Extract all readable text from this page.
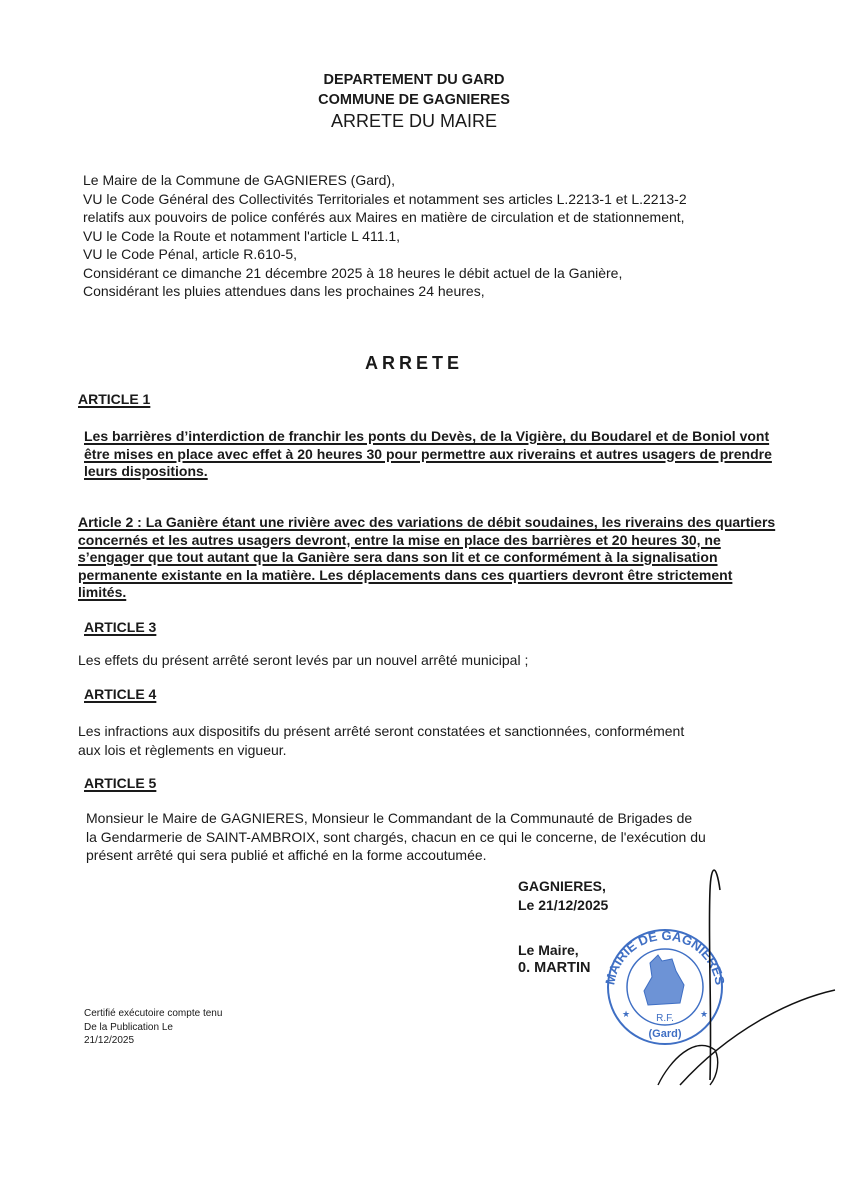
DEPARTEMENT DU GARD
COMMUNE DE GAGNIERES
ARRETE DU MAIRE
Le Maire de la Commune de GAGNIERES (Gard),
VU le Code Général des Collectivités Territoriales et notamment ses articles L.2213-1 et L.2213-2
relatifs aux pouvoirs de police conférés aux Maires en matière de circulation et de stationnement,
VU le Code la Route et notamment l'article L 411.1,
VU le Code Pénal, article R.610-5,
Considérant ce dimanche 21 décembre 2025 à 18 heures le débit actuel de la Ganière,
Considérant les pluies attendues dans les prochaines 24 heures,
ARRETE
ARTICLE 1
Les barrières d’interdiction de franchir les ponts du Devès, de la Vigière, du Boudarel et de Boniol vont
être mises en place avec effet à 20 heures 30 pour permettre aux riverains et autres usagers de prendre
leurs dispositions.
Article 2 : La Ganière étant une rivière avec des variations de débit soudaines, les riverains des quartiers
concernés et les autres usagers devront, entre la mise en place des barrières et 20 heures 30, ne
s’engager que tout autant que la Ganière sera dans son lit et ce conformément à la signalisation
permanente existante en la matière. Les déplacements dans ces quartiers devront être strictement
limités.
ARTICLE 3
Les effets du présent arrêté seront levés par un nouvel arrêté municipal ;
ARTICLE 4
Les infractions aux dispositifs du présent arrêté seront constatées et sanctionnées, conformément
aux lois et règlements en vigueur.
ARTICLE 5
Monsieur le Maire de GAGNIERES, Monsieur le Commandant de la Communauté de Brigades de
la Gendarmerie de SAINT-AMBROIX, sont chargés, chacun en ce qui le concerne, de l'exécution du
présent arrêté qui sera publié et affiché en la forme accoutumée.
GAGNIERES,
Le 21/12/2025
Le Maire,
0. MARTIN
Certifié exécutoire compte tenu
De la Publication Le
21/12/2025
MAIRIE DE GAGNIERES
R.F.
(Gard)
★	★
